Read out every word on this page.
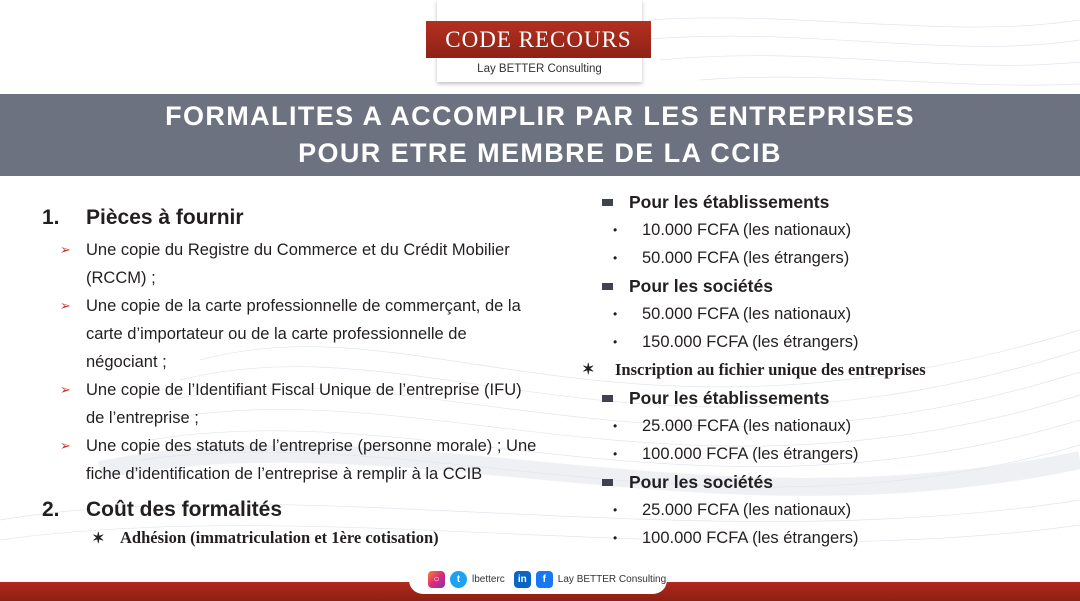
CODE RECOURS
Lay BETTER Consulting
FORMALITES A ACCOMPLIR PAR LES ENTREPRISES
POUR ETRE MEMBRE DE LA CCIB
1. Pièces à fournir
➢ Une copie du Registre du Commerce et du Crédit Mobilier (RCCM) ;
➢ Une copie de la carte professionnelle de commerçant, de la carte d’importateur ou de la carte professionnelle de négociant ;
➢ Une copie de l’Identifiant Fiscal Unique de l’entreprise (IFU) de l’entreprise ;
➢ Une copie des statuts de l’entreprise (personne morale) ; Une fiche d’identification de l’entreprise à remplir à la CCIB
2. Coût des formalités
✶ Adhésion (immatriculation et 1ère cotisation)
Pour les établissements
• 10.000 FCFA (les nationaux)
• 50.000 FCFA (les étrangers)
Pour les sociétés
• 50.000 FCFA (les nationaux)
• 150.000 FCFA (les étrangers)
✶ Inscription au fichier unique des entreprises
Pour les établissements
• 25.000 FCFA (les nationaux)
• 100.000 FCFA (les étrangers)
Pour les sociétés
• 25.000 FCFA (les nationaux)
• 100.000 FCFA (les étrangers)
○	t	lbetterc	in	f	Lay BETTER Consulting
